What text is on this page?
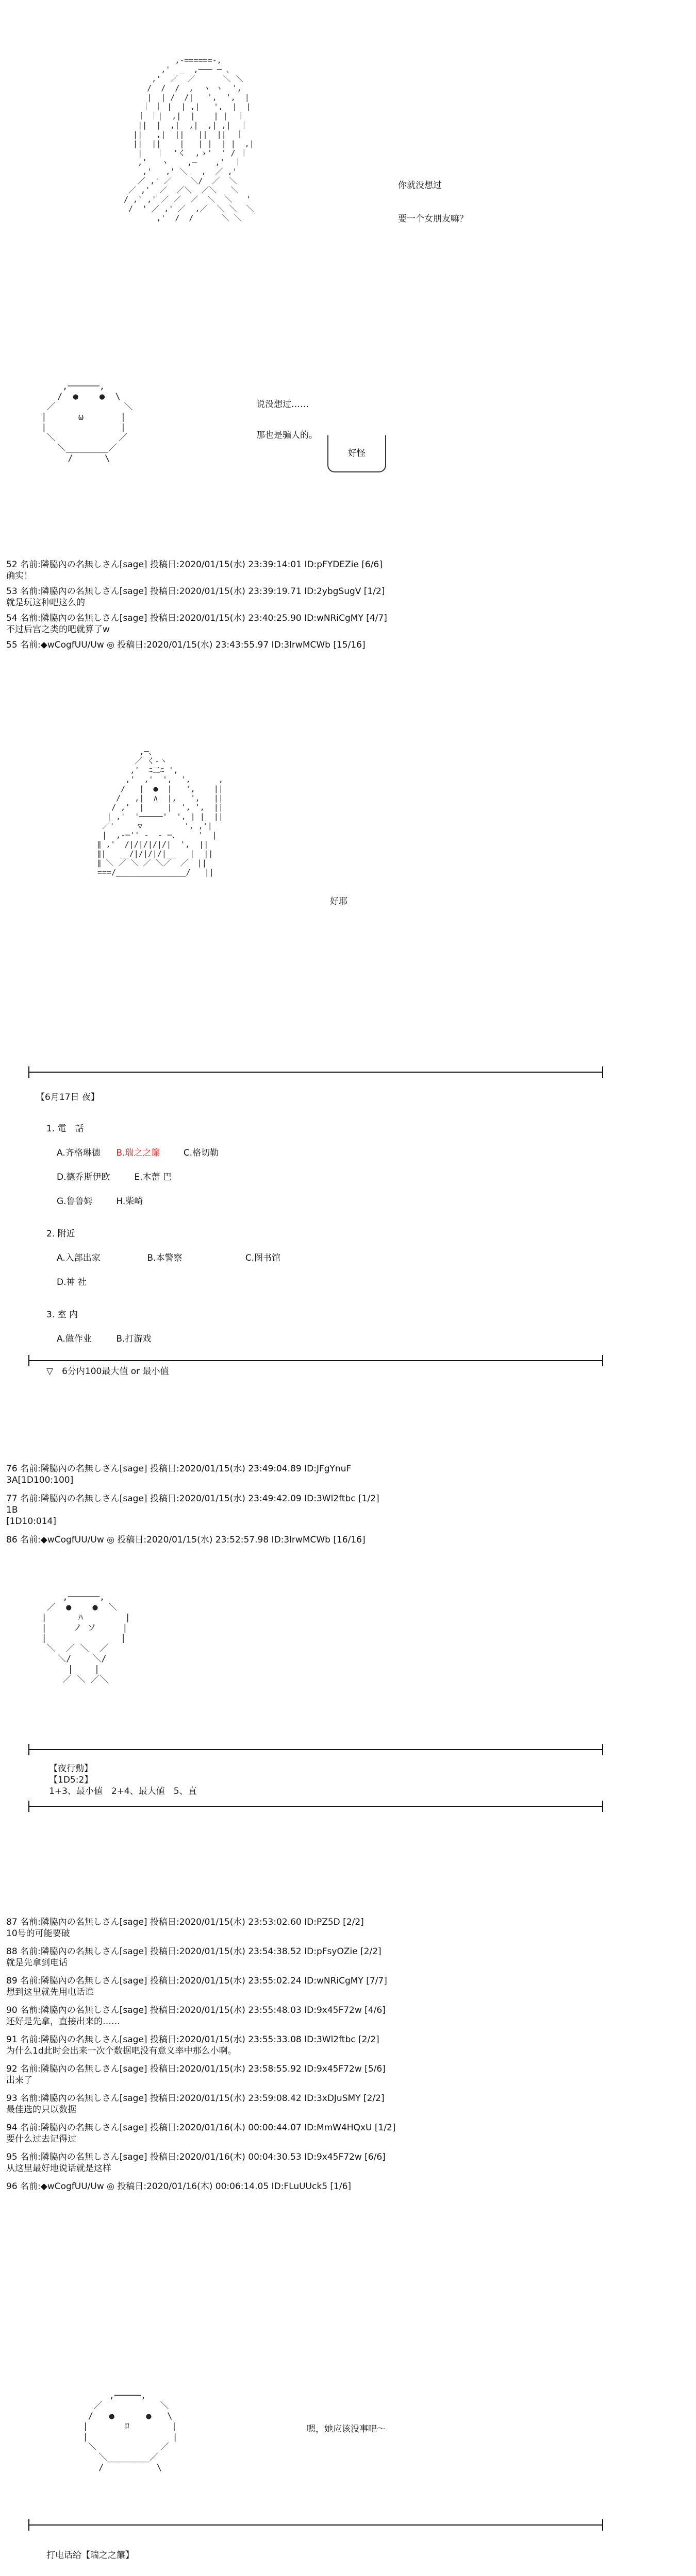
,-======-,
,'  _  ,─── ─ 、
,'  ／  ／      ＼ ＼
/  /  /  ,  ヽ ヽ  ',
|  | /  /|   ',  ',  |
｜ ｜ |  | ,|   ',  |  |
｜ ｜|  ,|  |    | |  ｜
||  |  ,|  ,|  ,| ,|  ｜
||   ,|  ||   ||  ||  ｜
||  ||    |   | |  | |  ,|
|   ｜  'く  ,ゝ'  ' / ｜
,'   ヽ    ,─    ,'  ｜
,'   ,' ＼   ,  ／ ,'
／ ,' ／    ＼/  ／  ＼
／ ,'  ／  ／＼  ／＼   ＼
/ ,' ,' ／ ／  ／  ＼  ＼   '
/  ' ／ ,' ／  ,／  ＼ ＼  ＼
,'  /  /      ＼ ＼

你就没想过
要一个女朋友嘛？
,──────,
/  ●    ●  \
／             ＼
|      ω       |
|              |
＼            ／
＼________／
/      \
说没想过……
那也是骗人的。
好怪
52 名前:隣脇內の名無しさん[sage] 投稿日:2020/01/15(水) 23:39:14:01 ID:pFYDEZie [6/6]
确实！
53 名前:隣脇內の名無しさん[sage] 投稿日:2020/01/15(水) 23:39:19.71 ID:2ybgSugV [1/2]
就是玩这种吧这么的
54 名前:隣脇內の名無しさん[sage] 投稿日:2020/01/15(水) 23:40:25.90 ID:wNRiCgMY [4/7]
不过后宫之类的吧就算了w
55 名前:◆wCogfUU/Uw ◎ 投稿日:2020/01/15(水) 23:43:55.97 ID:3lrwMCWb [15/16]
,─、
／ く-ヽ
,'  ﾆ二ﾆ ',
,'  ,'  ',  ',      ,
/   |  ●  |   ',    ||
/   ,|  ∧  |,   ',   ||
/ ,'  |     |  ', ',  ||
| ,'  '─────'  ', | |  ||
／'     ▽         ', ,'|
|  ,-─'' ‐  ‐ ─、    '  |
∥ ,'  /|/|/|/|/|  ',  ||
∥|   __/|/|/|/|__   |  ||
∥ ＼ ／ ＼ ／ ＼／  ／  ||
===/_______________/   ||
好耶
【6月17日 夜】
1. 電　話
A.齐格琳德 B.瑞之之簾	C.格切勒
D.德乔斯伊欧	E.木蕾 巴
G.鲁鲁姆	H.柴崎
2. 附近
A.入部出家	B.本警察	C.图书馆
D.神 社
3. 室 内
A.做作业	B.打游戏
▽　6分内100最大值 or 最小值
76 名前:隣脇內の名無しさん[sage] 投稿日:2020/01/15(水) 23:49:04.89 ID:JFgYnuF
3A[1D100:100]
77 名前:隣脇內の名無しさん[sage] 投稿日:2020/01/15(水) 23:49:42.09 ID:3Wl2ftbc [1/2]
1B
[1D10:014]
86 名前:◆wCogfUU/Uw ◎ 投稿日:2020/01/15(水) 23:52:57.98 ID:3lrwMCWb [16/16]
,──────,
／  ●    ●  ＼
|      ﾊ        |
|     ノ ソ     |
|              |
＼  ／ ＼  ／
＼/    ＼/
|    |
／ ＼ ／＼
【夜行動】
【1D5:2】
1+3、最小値　2+4、最大値　5、直
87 名前:隣脇內の名無しさん[sage] 投稿日:2020/01/15(水) 23:53:02.60 ID:PZ5D [2/2]
10号的可能要破
88 名前:隣脇內の名無しさん[sage] 投稿日:2020/01/15(水) 23:54:38.52 ID:pFsyOZie [2/2]
就是先拿到电话
89 名前:隣脇內の名無しさん[sage] 投稿日:2020/01/15(水) 23:55:02.24 ID:wNRiCgMY [7/7]
想到这里就先用电话谁
90 名前:隣脇內の名無しさん[sage] 投稿日:2020/01/15(水) 23:55:48.03 ID:9x45F72w [4/6]
还好是先拿，直接出来的……
91 名前:隣脇內の名無しさん[sage] 投稿日:2020/01/15(水) 23:55:33.08 ID:3Wl2ftbc [2/2]
为什么1d此时会出来一次个数据吧没有意义率中那么小啊。
92 名前:隣脇內の名無しさん[sage] 投稿日:2020/01/15(水) 23:58:55.92 ID:9x45F72w [5/6]
出来了
93 名前:隣脇內の名無しさん[sage] 投稿日:2020/01/15(水) 23:59:08.42 ID:3xDJuSMY [2/2]
最佳选的只以数据
94 名前:隣脇內の名無しさん[sage] 投稿日:2020/01/16(木) 00:00:44.07 ID:MmW4HQxU [1/2]
要什么过去记得过
95 名前:隣脇內の名無しさん[sage] 投稿日:2020/01/16(木) 00:04:30.53 ID:9x45F72w [6/6]
从这里最好地说话就是这样
96 名前:◆wCogfUU/Uw ◎ 投稿日:2020/01/16(木) 00:06:14.05 ID:FLuUUck5 [1/6]
,─────,
／           ＼
/   ●      ●   \
|       ﾛ        |
|                |
＼            ／
＼________／
/          \
嗯，她应该没事吧～
打电话给【瑞之之簾】
